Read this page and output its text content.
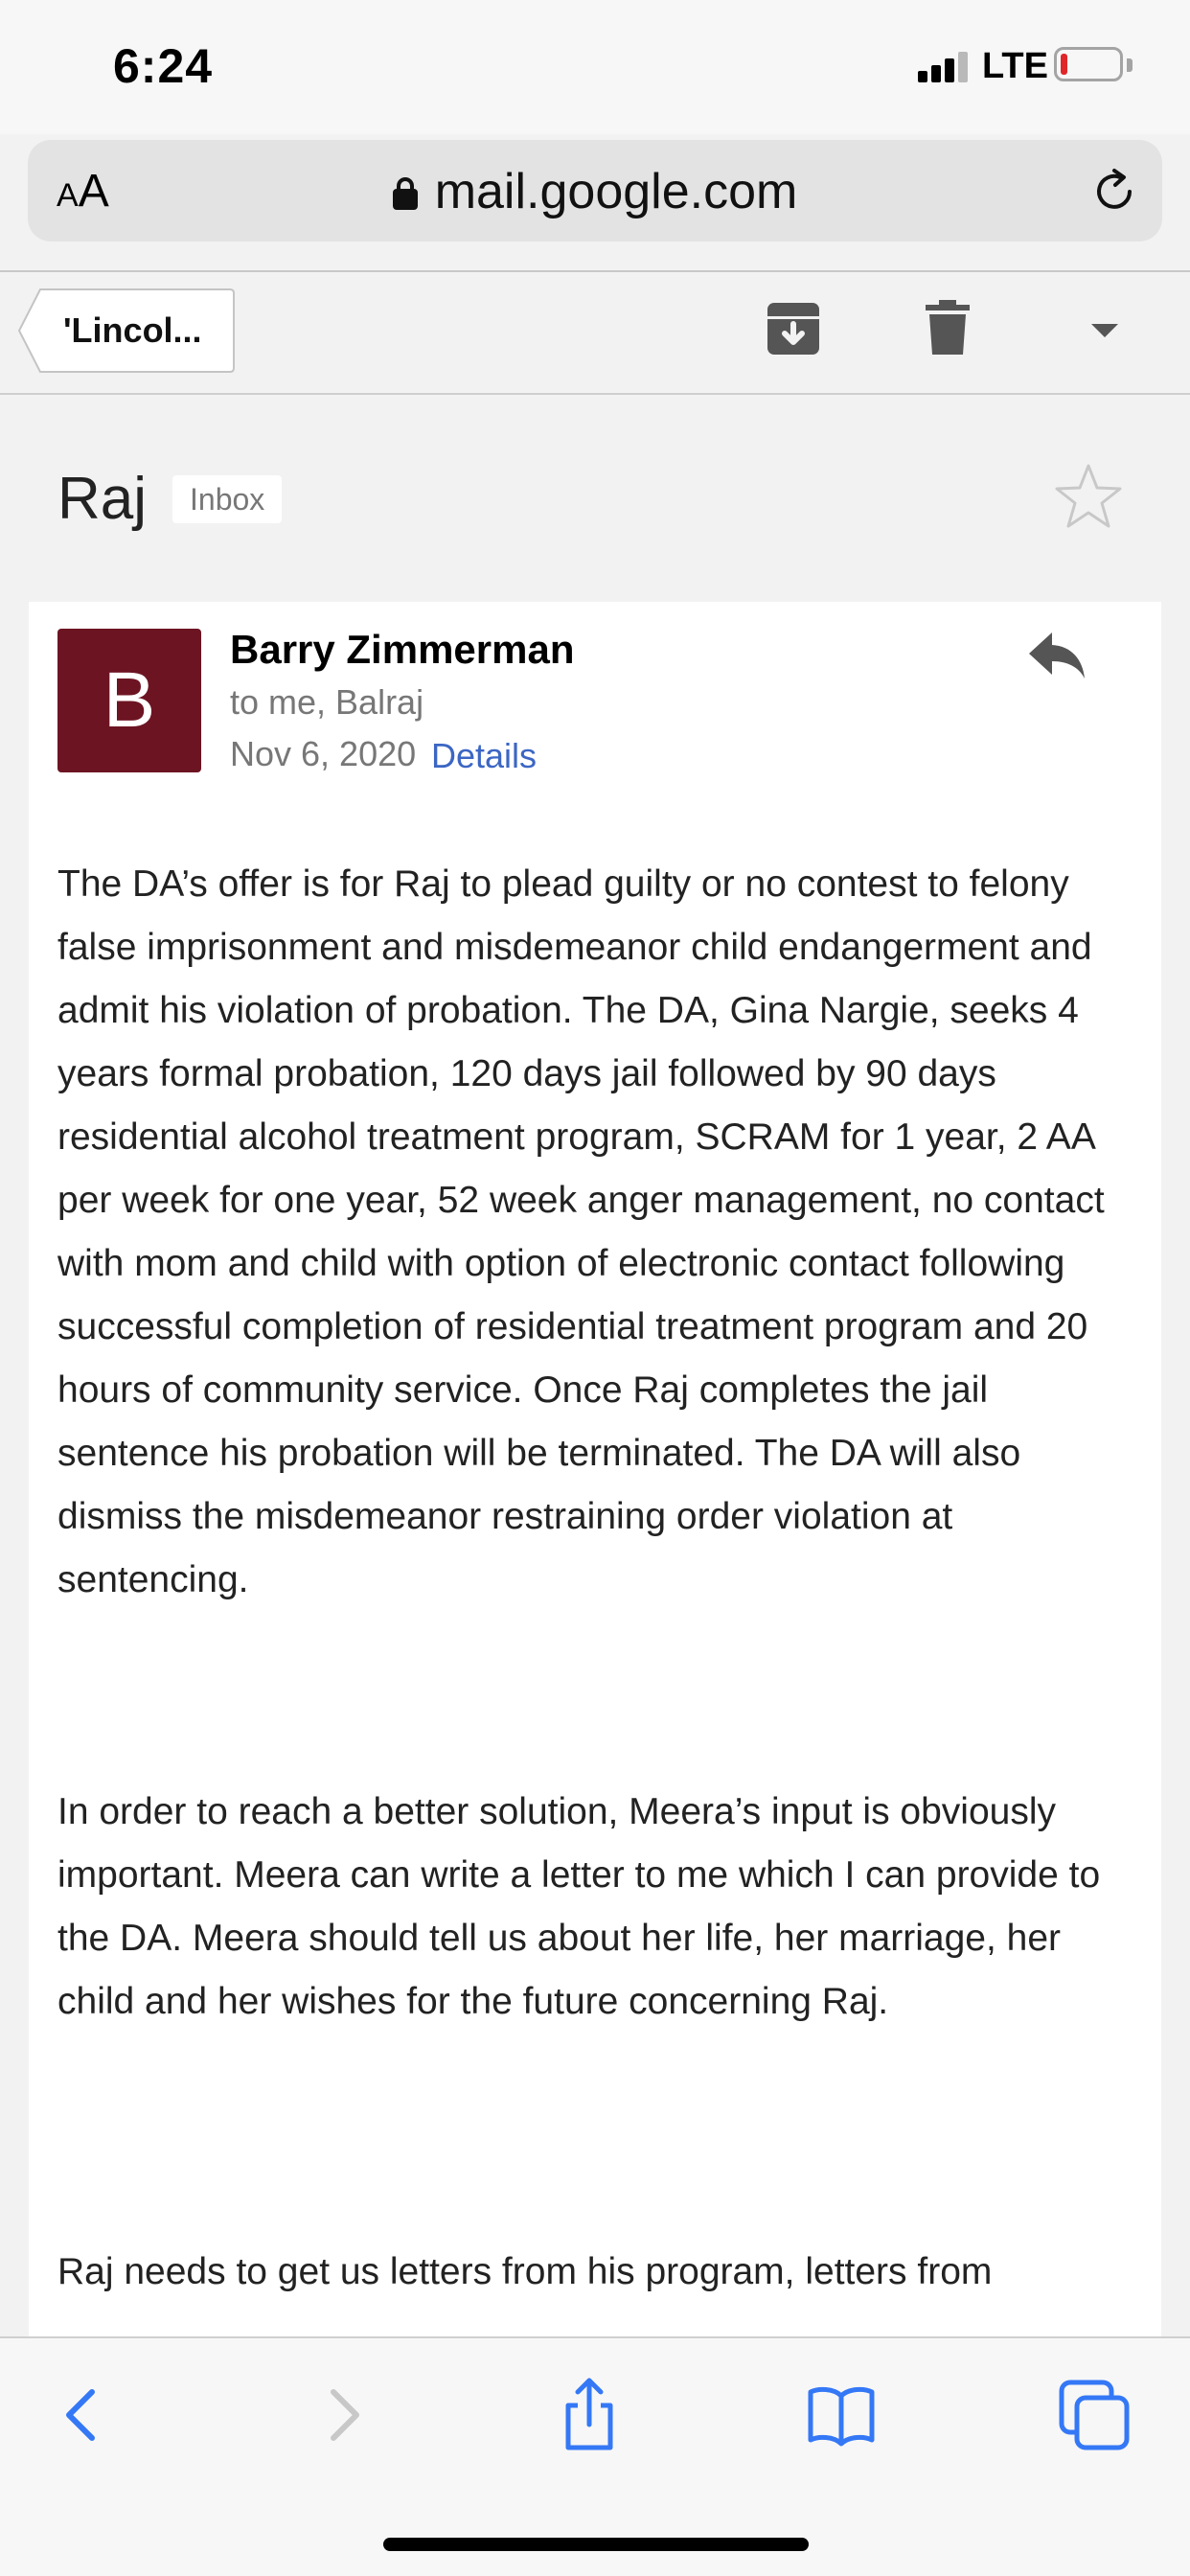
6:24	LTE
AA	mail.google.com
'Lincol...
Raj	Inbox
B
Barry Zimmerman
to me, Balraj
Nov 6, 2020 Details
The DA’s offer is for Raj to plead guilty or no contest to felony false imprisonment and misdemeanor child endangerment and admit his violation of probation. The DA, Gina Nargie, seeks 4 years formal probation, 120 days jail followed by 90 days residential alcohol treatment program, SCRAM for 1 year, 2 AA per week for one year, 52 week anger management, no contact with mom and child with option of electronic contact following successful completion of residential treatment program and 20 hours of community service. Once Raj completes the jail sentence his probation will be terminated. The DA will also dismiss the misdemeanor restraining order violation at sentencing.
In order to reach a better solution, Meera’s input is obviously important. Meera can write a letter to me which I can provide to the DA. Meera should tell us about her life, her marriage, her child and her wishes for the future concerning Raj.
Raj needs to get us letters from his program, letters from
